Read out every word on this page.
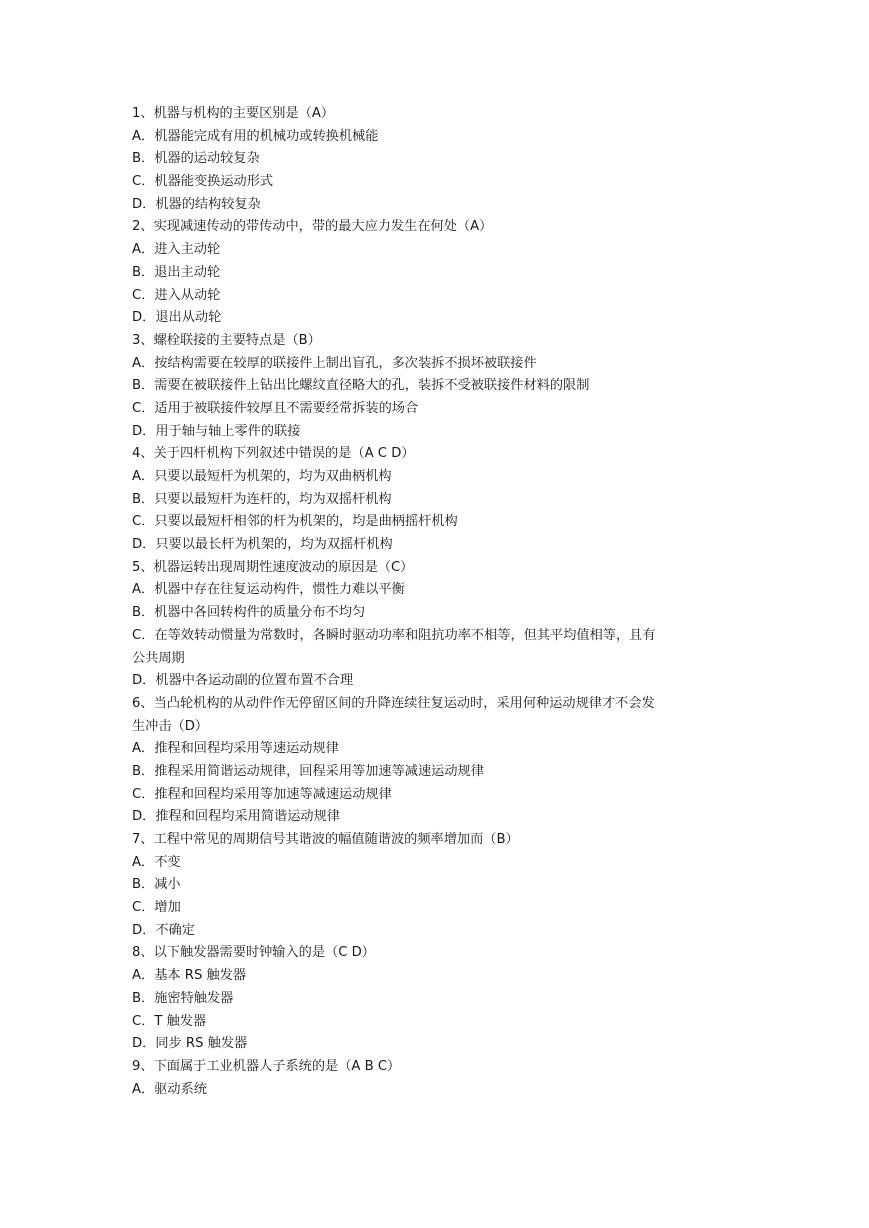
1、机器与机构的主要区别是（A）
A．机器能完成有用的机械功或转换机械能
B．机器的运动较复杂
C．机器能变换运动形式
D．机器的结构较复杂
2、实现减速传动的带传动中，带的最大应力发生在何处（A）
A．进入主动轮
B．退出主动轮
C．进入从动轮
D．退出从动轮
3、螺栓联接的主要特点是（B）
A．按结构需要在较厚的联接件上制出盲孔，多次装拆不损坏被联接件
B．需要在被联接件上钻出比螺纹直径略大的孔，装拆不受被联接件材料的限制
C．适用于被联接件较厚且不需要经常拆装的场合
D．用于轴与轴上零件的联接
4、关于四杆机构下列叙述中错误的是（A C D）
A．只要以最短杆为机架的，均为双曲柄机构
B．只要以最短杆为连杆的，均为双摇杆机构
C．只要以最短杆相邻的杆为机架的，均是曲柄摇杆机构
D．只要以最长杆为机架的，均为双摇杆机构
5、机器运转出现周期性速度波动的原因是（C）
A．机器中存在往复运动构件，惯性力难以平衡
B．机器中各回转构件的质量分布不均匀
C．在等效转动惯量为常数时，各瞬时驱动功率和阻抗功率不相等，但其平均值相等，且有
公共周期
D．机器中各运动副的位置布置不合理
6、当凸轮机构的从动件作无停留区间的升降连续往复运动时，采用何种运动规律才不会发
生冲击（D）
A．推程和回程均采用等速运动规律
B．推程采用简谐运动规律，回程采用等加速等减速运动规律
C．推程和回程均采用等加速等减速运动规律
D．推程和回程均采用简谐运动规律
7、工程中常见的周期信号其谐波的幅值随谐波的频率增加而（B）
A．不变
B．减小
C．增加
D．不确定
8、以下触发器需要时钟输入的是（C D）
A．基本 RS 触发器
B．施密特触发器
C．T 触发器
D．同步 RS 触发器
9、下面属于工业机器人子系统的是（A B C）
A．驱动系统
